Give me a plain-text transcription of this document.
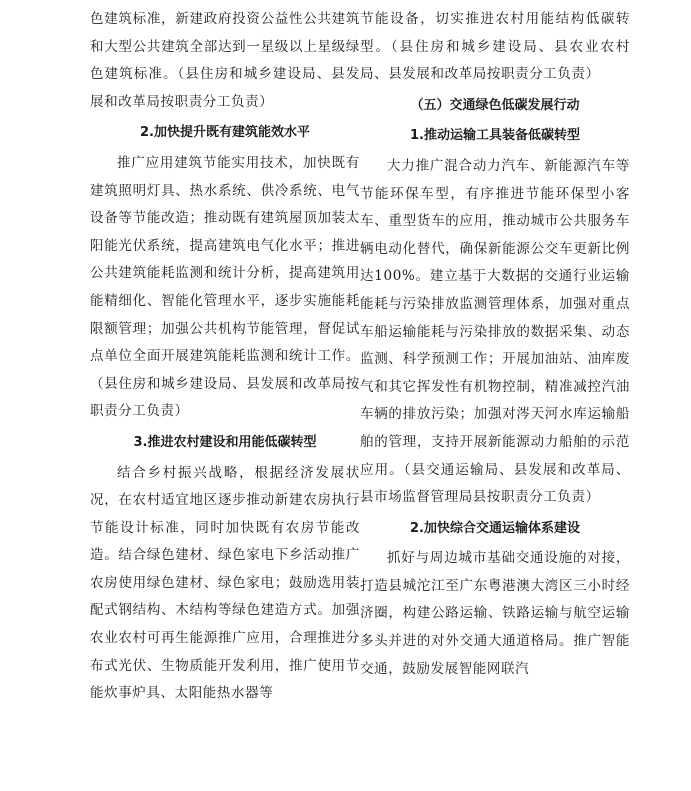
色建筑标准，新建政府投资公益性公共建筑和大型公共建筑全部达到一星级以上星级绿色建筑标准。（县住房和城乡建设局、县发展和改革局按职责分工负责）

2.加快提升既有建筑能效水平

推广应用建筑节能实用技术，加快既有建筑照明灯具、热水系统、供冷系统、电气设备等节能改造；推动既有建筑屋顶加装太阳能光伏系统，提高建筑电气化水平；推进公共建筑能耗监测和统计分析，提高建筑用能精细化、智能化管理水平，逐步实施能耗限额管理；加强公共机构节能管理，督促试点单位全面开展建筑能耗监测和统计工作。（县住房和城乡建设局、县发展和改革局按职责分工负责）

3.推进农村建设和用能低碳转型

结合乡村振兴战略，根据经济发展状况，在农村适宜地区逐步推动新建农房执行节能设计标准，同时加快既有农房节能改造。结合绿色建材、绿色家电下乡活动推广农房使用绿色建材、绿色家电；鼓励选用装配式钢结构、木结构等绿色建造方式。加强农业农村可再生能源推广应用，合理推进分布式光伏、生物质能开发利用，推广使用节能炊事炉具、太阳能热水器等

节能设备，切实推进农村用能结构低碳转型。（县住房和城乡建设局、县农业农村局、县发展和改革局按职责分工负责）

（五）交通绿色低碳发展行动
1.推动运输工具装备低碳转型

大力推广混合动力汽车、新能源汽车等节能环保车型，有序推进节能环保型小客车、重型货车的应用，推动城市公共服务车辆电动化替代，确保新能源公交车更新比例达100%。建立基于大数据的交通行业运输能耗与污染排放监测管理体系，加强对重点车船运输能耗与污染排放的数据采集、动态监测、科学预测工作；开展加油站、油库废气和其它挥发性有机物控制，精准减控汽油车辆的排放污染；加强对涔天河水库运输船舶的管理，支持开展新能源动力船舶的示范应用。（县交通运输局、县发展和改革局、县市场监督管理局县按职责分工负责）

2.加快综合交通运输体系建设

抓好与周边城市基础交通设施的对接，打造县城沱江至广东粤港澳大湾区三小时经济圈，构建公路运输、铁路运输与航空运输多头并进的对外交通大通道格局。推广智能交通，鼓励发展智能网联汽
